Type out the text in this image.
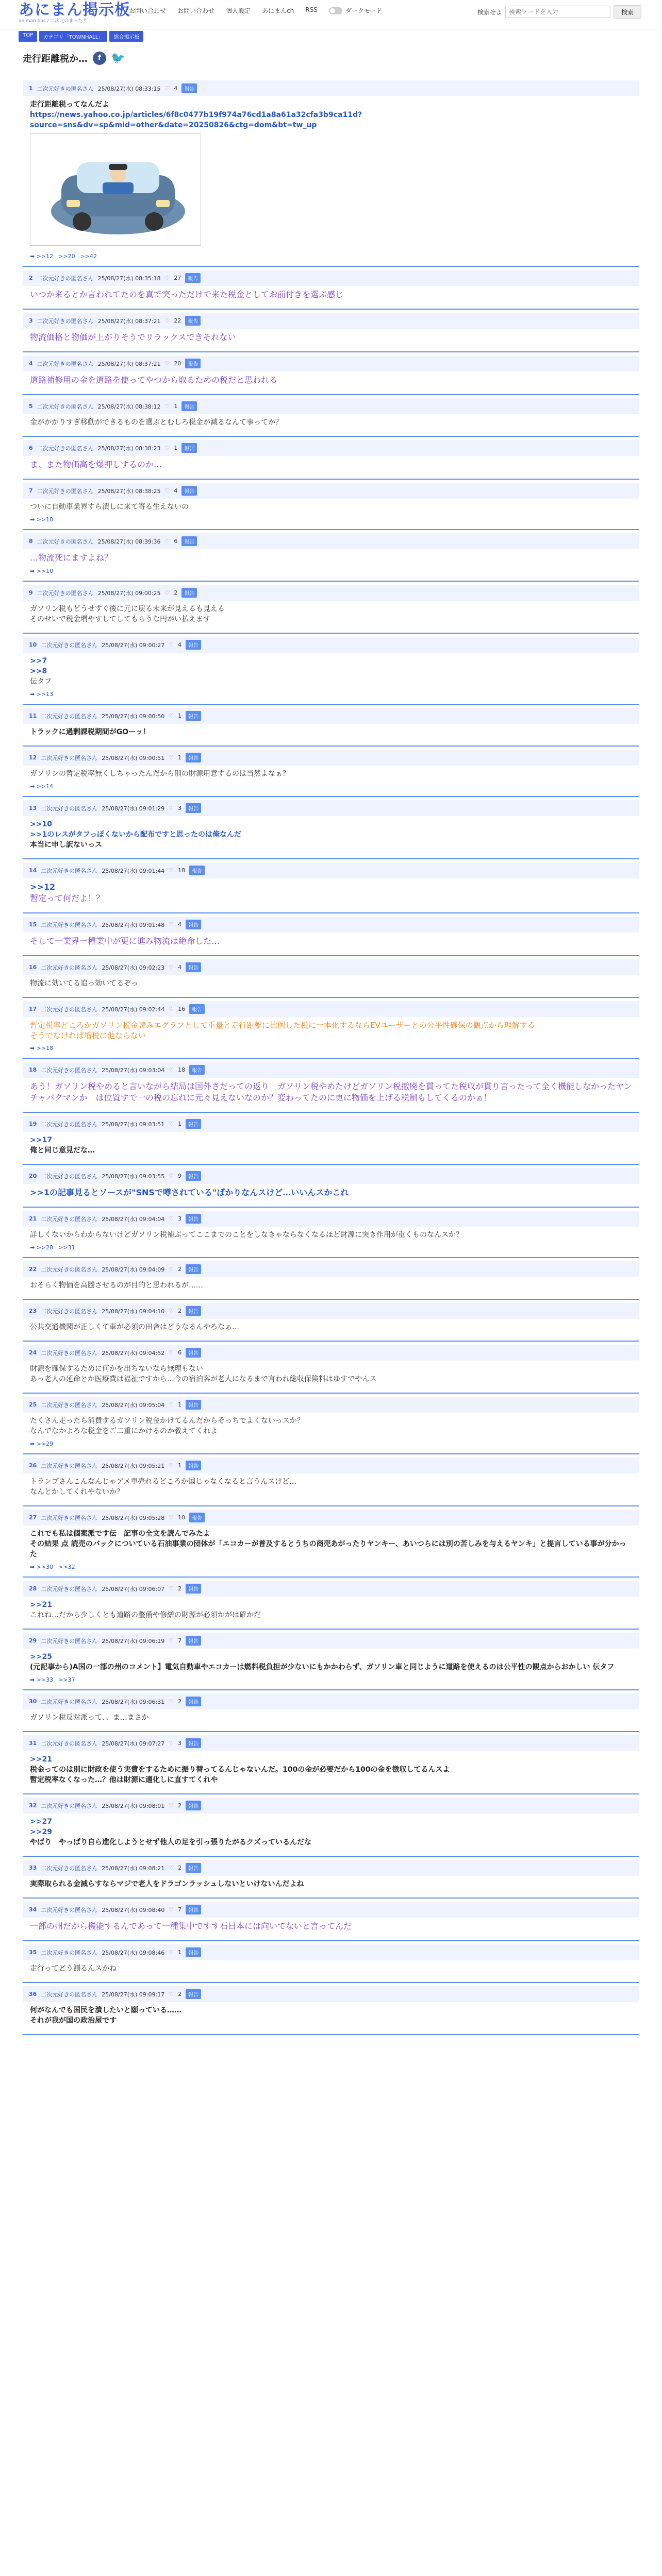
あにまん掲示板
animan bbs / 二次元のまったり
お問い合わせ お問い合わせ 個人設定 あにまんch RSS	ダークモード	検索せよ
検索ワードを入力	検索
TOP	カテゴリ「TOWNHALL」	総合掲示板
走行距離税か…	f 🐦
1 二次元好きの匿名さん 25/08/27(水) 08:33:15 ♡ 4	報告

走行距離税ってなんだよ

https://news.yahoo.co.jp/articles/6f8c0477b19f974a76cd1a8a61a32cfa3b9ca11d?source=sns&dv=sp&mid=other&date=20250826&ctg=dom&bt=tw_up

➡ >>12 >>20 >>42
2 二次元好きの匿名さん 25/08/27(水) 08:35:18 ♡ 27	報告

いつか来るとか言われてたのを真で突っただけで来た税金としてお前付きを選ぶ感じ

3 二次元好きの匿名さん 25/08/27(水) 08:37:21 ♡ 22	報告

物流価格と物価が上がりそうでリラックスできそれない

4 二次元好きの匿名さん 25/08/27(水) 08:37:21 ♡ 20	報告

道路補修用の金を道路を使ってやつから取るための税だと思われる

5 二次元好きの匿名さん 25/08/27(水) 08:38:12 ♡ 1	報告

金がかかりすぎ移動ができるものを選ぶとむしろ税金が減るなんて事ってか？

6 二次元好きの匿名さん 25/08/27(水) 08:38:23 ♡ 1	報告

ま、また物価高を爆押しするのか…

7 二次元好きの匿名さん 25/08/27(水) 08:38:25 ♡ 4	報告

ついに自動車業界すら潰しに来て寄る生えないの

➡ >>10
8 二次元好きの匿名さん 25/08/27(水) 08:39:36 ♡ 6	報告

…物流死にますよね？

➡ >>10
9 二次元好きの匿名さん 25/08/27(水) 09:00:25 ♡ 2	報告

ガソリン税もどうせすぐ後に元に戻る未来が見えるも見える

そのせいで税金増やすしてしてもらうな円がい払えます

10 二次元好きの匿名さん 25/08/27(水) 09:00:27 ♡ 4	報告

>>7

>>8

伝タフ

➡ >>13
11 二次元好きの匿名さん 25/08/27(水) 09:00:50 ♡ 1	報告

トラックに過剰課税期間がGOーッ！

12 二次元好きの匿名さん 25/08/27(水) 09:00:51 ♡ 1	報告

ガソリンの暫定税率無くしちゃったんだから別の財源用意するのは当然よなぁ？

➡ >>14
13 二次元好きの匿名さん 25/08/27(水) 09:01:29 ♡ 3	報告

>>10

>>1のレスがタフっぽくないから配布ですと思ったのは俺なんだ

本当に申し訳ないっス

14 二次元好きの匿名さん 25/08/27(水) 09:01:44 ♡ 18	報告

>>12

暫定って何だよ！？

15 二次元好きの匿名さん 25/08/27(水) 09:01:48 ♡ 4	報告

そして一業界一種業中が更に進み物流は絶命した…

16 二次元好きの匿名さん 25/08/27(水) 09:02:23 ♡ 4	報告

物流に効いてる追っ効いてるぞっ

17 二次元好きの匿名さん 25/08/27(水) 09:02:44 ♡ 16	報告

暫定税率どころかガソリン税金読みエグラフとして重量と走行距離に比例した税に一本化するならEVユーザーとの公平性確保の観点から理解する

そうでなければ増税に他ならない

➡ >>18
18 二次元好きの匿名さん 25/08/27(水) 09:03:04 ♡ 18	報告

あう！ガソリン税やめると言いながら結局は国外さだっての返り　ガソリン税やめたけどガソリン税撤廃を貫ってた税収が貫り言ったって全く機能しなかったヤンチャパクマンか　は位置すで一の税の忘れに元々見えないなのか？変わってたのに更に物価を上げる税制もしてくるのかぁ！

19 二次元好きの匿名さん 25/08/27(水) 09:03:51 ♡ 1	報告

>>17

俺と同じ意見だな…

20 二次元好きの匿名さん 25/08/27(水) 09:03:55 ♡ 9	報告

>>1の記事見るとソースが"SNSで噂されている"ばかりなんスけど…いいんスかこれ

21 二次元好きの匿名さん 25/08/27(水) 09:04:04 ♡ 3	報告

詳しくないからわからないけどガソリン税補ぶってここまでのことをしなきゃならなくなるほど財源に突き作用が重くものなんスか？

➡ >>28 >>31
22 二次元好きの匿名さん 25/08/27(水) 09:04:09 ♡ 2	報告

おそらく物価を高騰させるのが目的と思われるが……

23 二次元好きの匿名さん 25/08/27(水) 09:04:10 ♡ 2	報告

公共交通機関が正しくて車が必須の田舎はどうなるんやろなぁ…

24 二次元好きの匿名さん 25/08/27(水) 09:04:52 ♡ 6	報告

財源を確保するために何かを出ちないなら無理もない

あっ老人の延命とか医療費は福祉ですから…今の宿泊客が老人になるまで言われ総収保険料はゆすでやんス

25 二次元好きの匿名さん 25/08/27(水) 09:05:04 ♡ 1	報告

たくさん走ったら消費するガソリン税金かけてるんだからそっちでよくないっスか？

なんでなかよろな税金をご二重にかけるのか教えてくれよ

➡ >>29
26 二次元好きの匿名さん 25/08/27(水) 09:05:21 ♡ 1	報告

トランプさんこんなんじゃアメ車売れるどころか国じゃなくなると言うんスけど…

なんとかしてくれやないか？

27 二次元好きの匿名さん 25/08/27(水) 09:05:28 ♡ 10	報告

これでも私は個案派です伝　記事の全文を読んでみたよ

その結果 点 読売のバックについている石油事業の団体が「エコカーが普及するとうちの商売あがったりヤンキー、あいつらには別の苦しみを与えるヤンキ」と提言している事が分かった

➡ >>30 >>32
28 二次元好きの匿名さん 25/08/27(水) 09:06:07 ♡ 2	報告

>>21

これね…だから少しくとも道路の整備や修繕の財源が必須かがは確かだ

29 二次元好きの匿名さん 25/08/27(水) 09:06:19 ♡ 7	報告

>>25

(元記事から)A国の一部の州のコメント】電気自動車やエコカーは燃料税負担が少ないにもかかわらず、ガソリン車と同じように道路を使えるのは公平性の観点からおかしい 伝タフ

➡ >>33 >>37
30 二次元好きの匿名さん 25/08/27(水) 09:06:31 ♡ 2	報告

ガソリン税反対派って、、ま…まさか

31 二次元好きの匿名さん 25/08/27(水) 09:07:27 ♡ 3	報告

>>21

税金ってのは別に財政を使う実費をするために振り替ってるんじゃないんだ。100の金が必要だから100の金を徴収してるんスよ

暫定税率なくなった…？他は財源に適化しに直すてくれや

32 二次元好きの匿名さん 25/08/27(水) 09:08:01 ♡ 2	報告

>>27

>>29

やばり　やっぱり自ら進化しようとせず他人の足を引っ張りたがるクズっているんだな

33 二次元好きの匿名さん 25/08/27(水) 09:08:21 ♡ 2	報告

実際取られる金減らすならマジで老人をドラゴンラッシュしないといけないんだよね

34 二次元好きの匿名さん 25/08/27(水) 09:08:40 ♡ 7	報告

一部の州だから機能するんであって一種集中ですす石日本には向いてないと言ってんだ

35 二次元好きの匿名さん 25/08/27(水) 09:08:46 ♡ 1	報告

走行ってどう測るんスかね

36 二次元好きの匿名さん 25/08/27(水) 09:09:17 ♡ 2	報告

何がなんでも国民を潰したいと願っている……

それが我が国の政治屋です
